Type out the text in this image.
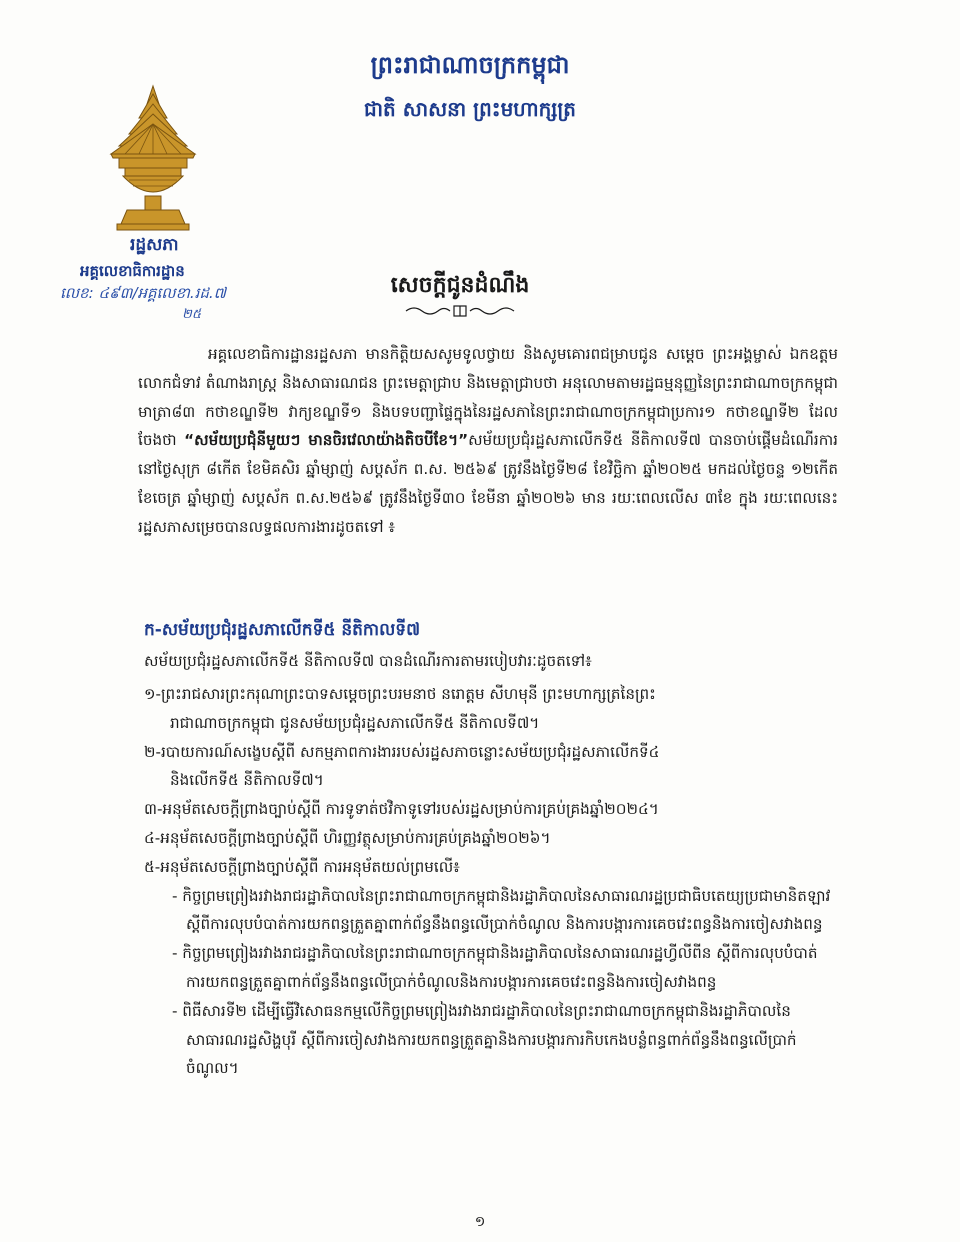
ព្រះរាជាណាចក្រកម្ពុជា
ជាតិ សាសនា ព្រះមហាក្សត្រ
រដ្ឋសភា
អគ្គលេខាធិការដ្ឋាន
លេខ: ៤៩៣/អគ្គលេខា.រដ.៧
២៥
សេចក្ដីជូនដំណឹង

អគ្គលេខាធិការដ្ឋានរដ្ឋសភា មានកិត្តិយសសូមទូលថ្វាយ និងសូមគោរពជម្រាបជូន សម្ដេច ព្រះអង្គម្ចាស់ ឯកឧត្តម លោកជំទាវ តំណាងរាស្ត្រ និងសាធារណជន ព្រះមេត្តាជ្រាប និងមេត្តាជ្រាបថា អនុលោមតាមរដ្ឋធម្មនុញ្ញនៃព្រះរាជាណាចក្រកម្ពុជាមាត្រា៨៣ កថាខណ្ឌទី២ វាក្យខណ្ឌទី១ និងបទបញ្ជាផ្ទៃក្នុងនៃរដ្ឋសភានៃព្រះរាជាណាចក្រកម្ពុជាប្រការ១ កថាខណ្ឌទី២ ដែលចែងថា “សម័យប្រជុំនីមួយៗ មានចិរវេលាយ៉ាងតិចបីខែ។”សម័យប្រជុំរដ្ឋសភាលើកទី៥ នីតិកាលទី៧ បានចាប់ផ្ដើមដំណើរការនៅថ្ងៃសុក្រ ៨កើត ខែមិគសិរ ឆ្នាំម្សាញ់ សប្តស័ក ព.ស. ២៥៦៩ ត្រូវនឹងថ្ងៃទី២៨ ខែវិច្ឆិកា ឆ្នាំ២០២៥ មកដល់ថ្ងៃចន្ទ ១២កើត ខែចេត្រ ឆ្នាំម្សាញ់ សប្តស័ក ព.ស.២៥៦៩ ត្រូវនឹងថ្ងៃទី៣០ ខែមីនា ឆ្នាំ២០២៦ មាន រយៈពេលលើស ៣ខែ ក្នុង រយៈពេលនេះ រដ្ឋសភាសម្រេចបានលទ្ធផលការងារដូចតទៅ ៖

ក-សម័យប្រជុំរដ្ឋសភាលើកទី៥ នីតិកាលទី៧
សម័យប្រជុំរដ្ឋសភាលើកទី៥ នីតិកាលទី៧ បានដំណើរការតាមរបៀបវារៈដូចតទៅ៖
១-ព្រះរាជសារព្រះករុណាព្រះបាទសម្ដេចព្រះបរមនាថ នរោត្តម សីហមុនី ព្រះមហាក្សត្រនៃព្រះ
រាជាណាចក្រកម្ពុជា ជូនសម័យប្រជុំរដ្ឋសភាលើកទី៥ នីតិកាលទី៧។
២-របាយការណ៍សង្ខេបស្ដីពី សកម្មភាពការងាររបស់រដ្ឋសភាចន្លោះសម័យប្រជុំរដ្ឋសភាលើកទី៤
និងលើកទី៥ នីតិកាលទី៧។
៣-អនុម័តសេចក្ដីព្រាងច្បាប់ស្ដីពី ការទូទាត់ថវិកាទូទៅរបស់រដ្ឋសម្រាប់ការគ្រប់គ្រងឆ្នាំ២០២៤។
៤-អនុម័តសេចក្ដីព្រាងច្បាប់ស្ដីពី ហិរញ្ញវត្ថុសម្រាប់ការគ្រប់គ្រងឆ្នាំ២០២៦។
៥-អនុម័តសេចក្ដីព្រាងច្បាប់ស្ដីពី ការអនុម័តយល់ព្រមលើ៖
- កិច្ចព្រមព្រៀងរវាងរាជរដ្ឋាភិបាលនៃព្រះរាជាណាចក្រកម្ពុជានិងរដ្ឋាភិបាលនៃសាធារណរដ្ឋប្រជាធិបតេយ្យប្រជាមានិតឡាវស្ដីពីការលុបបំបាត់ការយកពន្ធត្រួតគ្នាពាក់ព័ន្ធនឹងពន្ធលើប្រាក់ចំណូល និងការបង្ការការគេចវេះពន្ធនិងការចៀសវាងពន្ធ
- កិច្ចព្រមព្រៀងរវាងរាជរដ្ឋាភិបាលនៃព្រះរាជាណាចក្រកម្ពុជានិងរដ្ឋាភិបាលនៃសាធារណរដ្ឋហ្វីលីពីន ស្ដីពីការលុបបំបាត់ការយកពន្ធត្រួតគ្នាពាក់ព័ន្ធនឹងពន្ធលើប្រាក់ចំណូលនិងការបង្ការការគេចវេះពន្ធនិងការចៀសវាងពន្ធ
- ពិធីសារទី២ ដើម្បីធ្វើវិសោធនកម្មលើកិច្ចព្រមព្រៀងរវាងរាជរដ្ឋាភិបាលនៃព្រះរាជាណាចក្រកម្ពុជានិងរដ្ឋាភិបាលនៃសាធារណរដ្ឋសិង្ហបុរី ស្ដីពីការចៀសវាងការយកពន្ធត្រួតគ្នានិងការបង្ការការកិបកេងបន្លំពន្ធពាក់ព័ន្ធនឹងពន្ធលើប្រាក់ចំណូល។
១
